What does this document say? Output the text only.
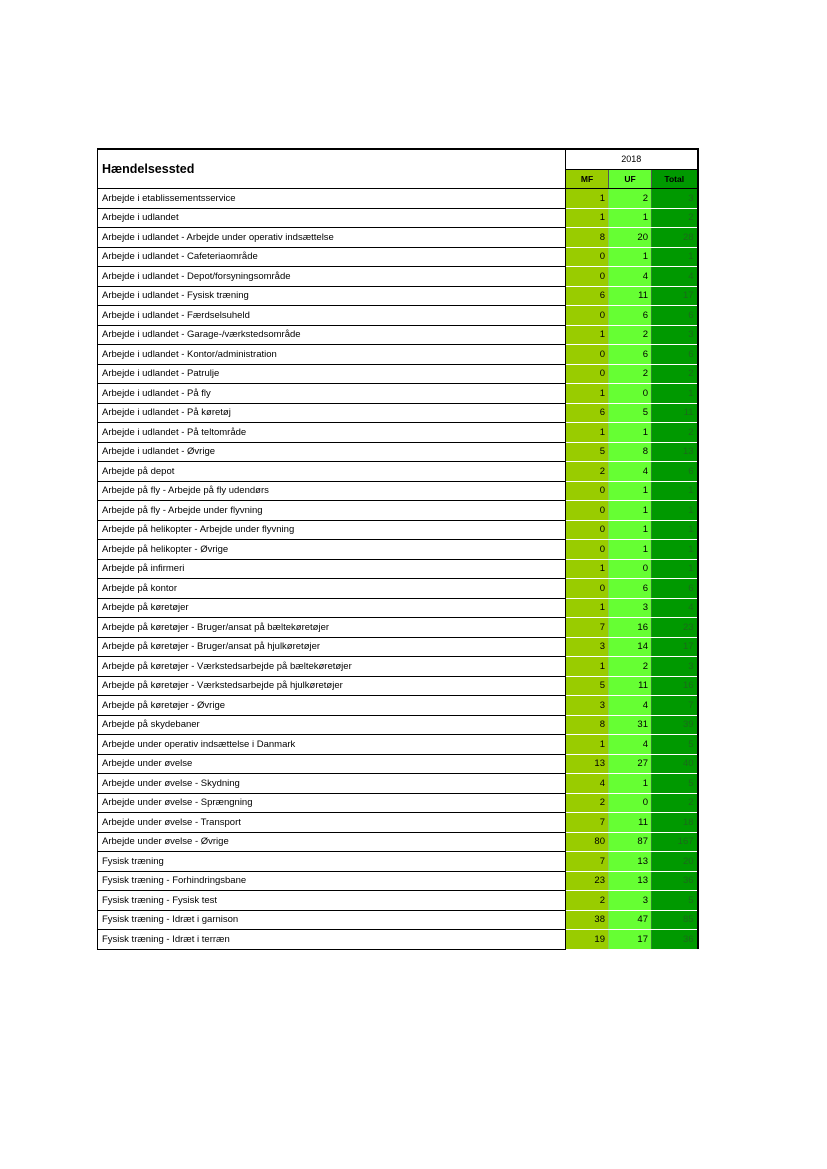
Hændelsessted	2018		
	MF	UF	Total
Arbejde i etablissementsservice	1	2	3
Arbejde i udlandet	1	1	2
Arbejde i udlandet - Arbejde under operativ indsættelse	8	20	28
Arbejde i udlandet - Cafeteriaområde	0	1	1
Arbejde i udlandet - Depot/forsyningsområde	0	4	4
Arbejde i udlandet - Fysisk træning	6	11	17
Arbejde i udlandet - Færdselsuheld	0	6	6
Arbejde i udlandet - Garage-/værkstedsområde	1	2	3
Arbejde i udlandet - Kontor/administration	0	6	6
Arbejde i udlandet - Patrulje	0	2	2
Arbejde i udlandet - På fly	1	0	1
Arbejde i udlandet - På køretøj	6	5	11
Arbejde i udlandet - På teltområde	1	1	2
Arbejde i udlandet - Øvrige	5	8	13
Arbejde på depot	2	4	6
Arbejde på fly - Arbejde på fly udendørs	0	1	1
Arbejde på fly - Arbejde under flyvning	0	1	1
Arbejde på helikopter - Arbejde under flyvning	0	1	1
Arbejde på helikopter - Øvrige	0	1	1
Arbejde på infirmeri	1	0	1
Arbejde på kontor	0	6	6
Arbejde på køretøjer	1	3	4
Arbejde på køretøjer - Bruger/ansat på bæltekøretøjer	7	16	23
Arbejde på køretøjer - Bruger/ansat på hjulkøretøjer	3	14	17
Arbejde på køretøjer - Værkstedsarbejde på bæltekøretøjer	1	2	3
Arbejde på køretøjer - Værkstedsarbejde på hjulkøretøjer	5	11	16
Arbejde på køretøjer - Øvrige	3	4	7
Arbejde på skydebaner	8	31	39
Arbejde under operativ indsættelse i Danmark	1	4	5
Arbejde under øvelse	13	27	40
Arbejde under øvelse - Skydning	4	1	5
Arbejde under øvelse - Sprængning	2	0	2
Arbejde under øvelse - Transport	7	11	18
Arbejde under øvelse - Øvrige	80	87	167
Fysisk træning	7	13	20
Fysisk træning - Forhindringsbane	23	13	36
Fysisk træning - Fysisk test	2	3	5
Fysisk træning - Idræt i garnison	38	47	85
Fysisk træning - Idræt i terræn	19	17	36
